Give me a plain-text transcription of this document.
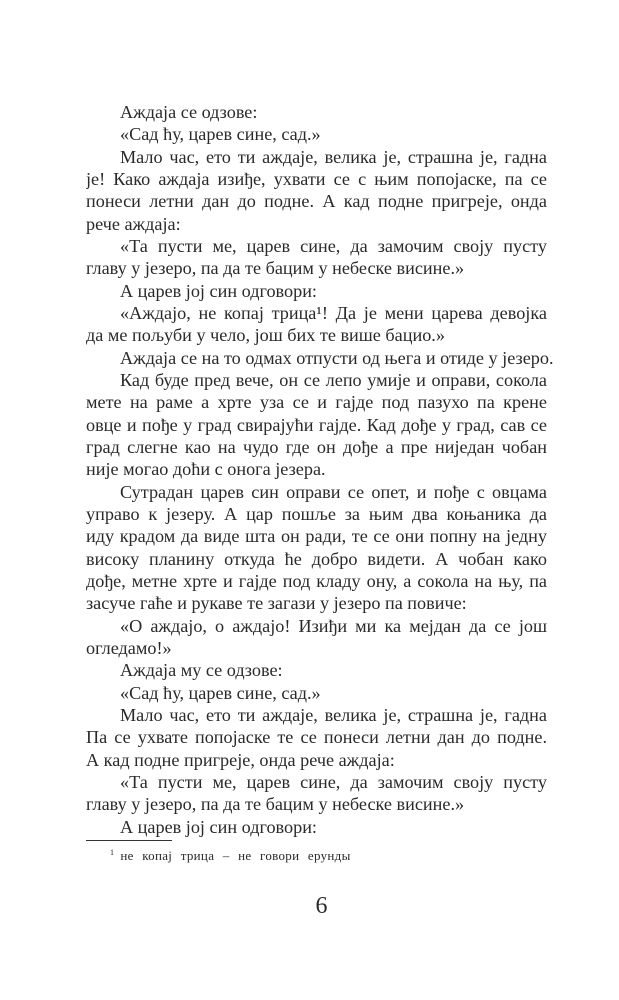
Аждаја се одзове:
«Сад ћу, царев сине, сад.»
Мало час, ето ти аждаје, велика је, страшна је, гадна
је! Како аждаја изиђе, ухвати се с њим попојаске, па се
понеси летни дан до подне. А кад подне пригреје, онда
рече аждаја:
«Та пусти ме, царев сине, да замочим своју пусту
главу у језеро, па да те бацим у небеске висине.»
А царев јој син одговори:
«Аждајо, не копај трица¹! Да је мени царева девојка
да ме пољуби у чело, још бих те више бацио.»
Аждаја се на то одмах отпусти од њега и отиде у језеро.
Кад буде пред вече, он се лепо умије и оправи, сокола
мете на раме а хрте уза се и гајде под пазухо па крене
овце и пође у град свирајући гајде. Кад дође у град, сав се
град слегне као на чудо где он дође а пре ниједан чобан
није могао доћи с онога језера.
Сутрадан царев син оправи се опет, и пође с овцама
управо к језеру. А цар пошље за њим два коњаника да
иду крадом да виде шта он ради, те се они попну на једну
високу планину откуда ће добро видети. А чобан како
дође, метне хрте и гајде под кладу ону, а сокола на њу, па
засуче гаће и рукаве те загази у језеро па повиче:
«О аждајо, о аждајо! Изиђи ми ка мејдан да се још
огледамо!»
Аждаја му се одзове:
«Сад ћу, царев сине, сад.»
Мало час, ето ти аждаје, велика је, страшна је, гадна
Па се ухвате попојаске те се понеси летни дан до подне.
А кад подне пригреје, онда рече аждаја:
«Та пусти ме, царев сине, да замочим своју пусту
главу у језеро, па да те бацим у небеске висине.»
А царев јој син одговори:
$^1$ не копај трица – не говори ерунды
6
